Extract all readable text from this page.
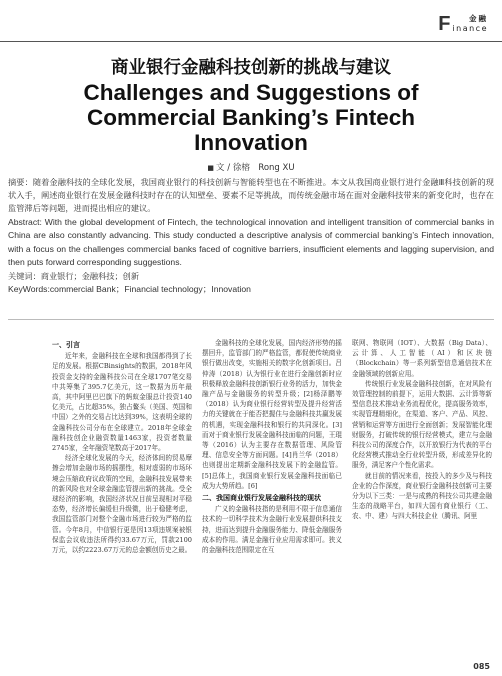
F	金融
inance
商业银行金融科技创新的挑战与建议
Challenges and Suggestions of Commercial Banking’s Fintech Innovation
■ 文 / 徐榕　Rong XU

摘要：随着金融科技的全球化发展，我国商业银行的科技创新与智能转型也在不断推进。本文从我国商业银行进行金融Ⅲ科技创新的现状入手，阐述商业银行在发展金融科技时存在的认知壁垒、要素不足等挑战，而传统金融市场在面对金融科技带来的新变化时，也存在监管滞后等问题，进而提出相应的建议。

Abstract: With the global development of Fintech, the technological innovation and intelligent transition of commercial banks in China are also constantly advancing. This study conducted a descriptive analysis of commercial banking’s Fintech innovation, with a focus on the challenges commercial banks faced of cognitive barriers, insufficient elements and lagging supervision, and then puts forward corresponding suggestions.

关键词：商业银行；金融科技；创新

KeyWords:commercial Bank；Financial technology；Innovation

一、引言

近年来，金融科技在全球和我国都得到了长足的发展。根据CBinsights的数据，2018年风投资金支持的金融科技公司在全球1707笔交易中共筹集了395.7亿美元，这一数据为历年最高，其中阿里巴巴旗下的蚂蚁金服总计投资140亿美元，占比超35%，独占鳌头（美国、英国和中国）之外的交易占比达到39%，这表明全球的金融科技公司分布在全球建立。2018年全球金融科技创企业融资数量1463家，投资者数量2745家，全年融资笔数高于2017年。

经济全球化发展的今天，经济体间的贸易摩擦会增加金融市场的摇摆性，相对虚弱的市场环境会压缩政府议政策的空间，金融科技发展带来的新风险也对全球金融监管提出新的挑战。受全球经济的影响，我国经济状况目前呈现相对平稳态势，经济增长偏缓但升级微，出于稳健考虑，我国监管部门对整个金融市场进行较为严格的监管。今年8月，中信银行更是因13项违规案被银保监会议收违法所得约33.67万元，罚款2100万元，以约2223.67万元的总金额创历史之最。

金融科技的全球化发展，国内经济形势的摇摆回升，监管部门的严格监管，都促使传统商业银行做出改变，实施相关的数字化创新项目。吕仲涛（2018）认为银行业在进行金融创新时应积极释放金融科技创新银行业务的活力，加快金融产品与金融服务的转型升级；[2]杨泽鹏等（2018）认为商业银行经营转型及提升经营活力的关键就在于能否把握住与金融科技共赢发展的机遇，实现金融科技和银行的共同深化。[3]而对于商业银行发展金融科技面临的问题，王琨等（2016）认为主要存在数据管理、风险管理、信息安全等方面问题。[4]肖兰华（2018）也则提出定期新金融科技发展下的金融监管。[5]总体上，我国商业银行发展金融科技面临已成为大势所趋。[6]

二、我国商业银行发展金融科技的现状

广义的金融科技指的是利用不限于信息通信技术的一切科学技术为金融行业发展提供科技支持，进而达到提升金融服务能力、降低金融服务成本的作用。满足金融行业应用需求即可。狭义的金融科技范围限定在互

联网、物联网（IOT）、大数据（Big Data）、云计算、人工智能（AI）和区块链（Blockchain）等一系列新型信息通信技术在金融领域的创新应用。

传统银行业发展金融科技创新，在对风险有效管理控制的前提下，运用大数据、云计算等新型信息技术推动业务流程优化，提高服务效率，实现管理精细化，在渠道、客户、产品、风控、营销和运营等方面进行全面创新；发展智能化理财服务，打破传统的银行经营模式，建立与金融科技公司的深度合作，以开放银行为代表的平台化经营模式推动全行业转型升级，形成差异化的服务，满足客户个性化需求。

就目前的情况来看，按投入的多少及与科技企业的合作深度，商业银行金融科技创新可主要分为以下三类：一是与成熟的科技公司共建金融生态的战略平台，如四大国有商业银行（工、农、中、建）与四大科技企业（腾讯、阿里

085
